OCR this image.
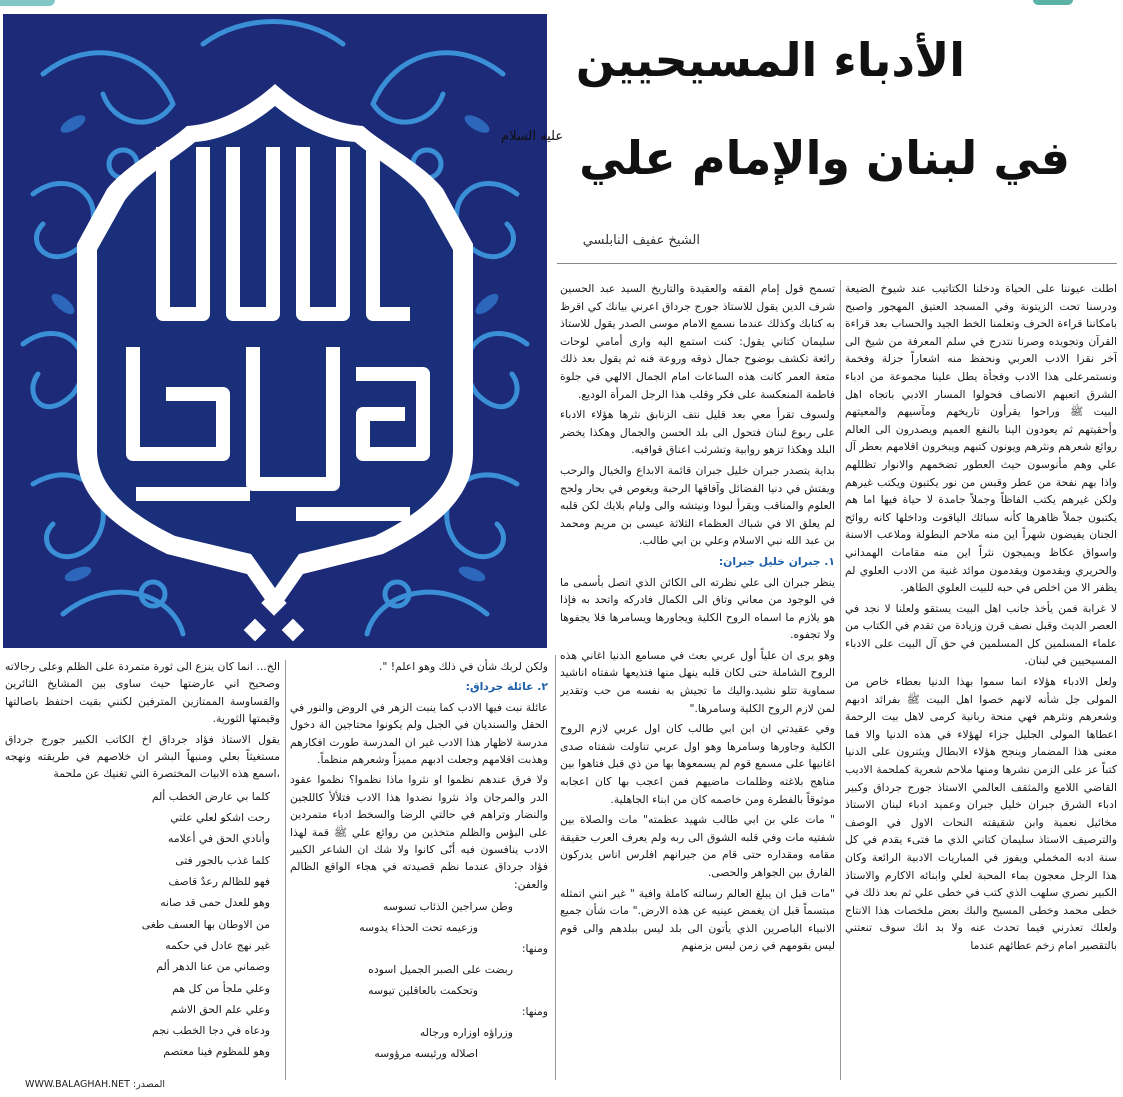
علويه	الأدباء المسيحيين
في لبنان والإمام علي عليه السلام
الشيخ عفيف النابلسي

اطلت عيوننا على الحياة ودخلنا الكتاتيب عند شيوخ الضيعة ودرسنا تحت الزيتونة وفي المسجد العتيق المهجور واصبح بامكاننا قراءة الحرف وتعلمنا الخط الجيد والحساب بعد قراءة القرآن وتجويده وصرنا نتدرج في سلم المعرفة من شيخ الى آخر نقرا الادب العربي ونحفظ منه اشعاراً جزلة وفخمة ونستمرعلى هذا الادب وفجأة يطل علينا مجموعة من ادباء الشرق اتعبهم الانصاف فحولوا المسار الادبي باتجاه اهل البيت ﷺ وراحوا يقرأون تاريخهم ومآسيهم والمعيتهم وأحقيتهم ثم يعودون الينا بالنفع العميم ويصدرون الى العالم روائع شعرهم ونثرهم ويونون كتبهم ويبخرون اقلامهم بعطر آل علي وهم مأنوسون حيث العطور تضخمهم والانوار تظللهم واذا بهم نفحة من عطر وقبس من نور يكتبون ويكتب غيرهم ولكن غيرهم يكتب الفاظاً وجملاً جامدة لا حياة فيها اما هم يكتبون جملاً ظاهرها كأنه سبائك الياقوت وداخلها كانه روائح الجنان يفيضون شهراً اين منه ملاحم البطولة وملاعب الاسنة واسواق عكاظ ويميجون نثراً اين منه مقامات الهمداني والحريري ويقدمون ويقدمون موائد غنية من الادب العلوي لم يظفر الا من اخلص في حبه للبيت العلوي الطاهر.

لا غرابة فمن يأخذ جانب اهل البيت يستقو ولعلنا لا نجد في العصر الديث وقبل نصف قرن وزيادة من تقدم في الكتاب من علماء المسلمين كل المسلمين في حق آل البيت على الادباء المسيحيين في لبنان.

ولعل الادباء هؤلاء انما سموا بهذا الدنيا بعطاء خاص من المولى جل شأنه لانهم خصوا اهل البيت ﷺ بفرائد ادبهم وشعرهم ونثرهم فهي منحة ربانية كرمى لاهل بيت الرحمة اعطاها المولى الجليل جزاء لهؤلاء في هذه الدنيا والا فما معنى هذا المضمار وينجح هؤلاء الابطال ويثنرون على الدنيا كتباً عز على الزمن نشرها ومنها ملاحم شعرية كملحمة الاديب القاضي اللامع والمثقف العالمي الاستاذ جورج جرداق وكبير ادباء الشرق جبران خليل جبران وعميد ادباء لبنان الاستاذ مخائيل نعمية وابن شقيقته النحات الاول في الوصف والترصيف الاستاذ سليمان كتاني الذي ما فتىء يقدم في كل سنة ادبه المخملي ويفوز في المباريات الادبية الرائعة وكان هذا الرجل معجون بماء المحبة لعلي وابنائه الاكارم والاستاذ الكبير نصري سلهب الذي كتب في خطى علي ثم بعد ذلك في خطى محمد وخطى المسيح والبك بعض ملخصات هذا الانتاج ولعلك تعذرني فيما تحدث عنه ولا بد انك سوف تنعتني بالتقصير امام زخم عطائهم عندما

تسمح قول إمام الفقه والعقيدة والتاريخ السيد عبد الحسين شرف الدين يقول للاستاذ جورج جرداق اعرني بيانك كي اقرظ به كتابك وكذلك عندما نسمع الامام موسى الصدر يقول للاستاذ سليمان كتاني يقول: كنت استمع اليه وارى أمامي لوحات رائعة تكشف بوضوح جمال ذوقه وروعة فنه ثم يقول بعد ذلك متعة العمر كانت هذه الساعات امام الجمال الالهي في جلوة فاطمة المنعكسة على فكر وقلب هذا الرجل المرأة الوديع.

ولسوف تقرأ معي بعد قليل نتف الزنابق نثرها هؤلاء الادباء على ربوع لبنان فتحول الى بلد الحسن والجمال وهكذا يخضر البلد وهكذا تزهو روابية وتشرئب اعناق قوافيه.

بداية يتصدر جبران خليل جبران قائمة الابداع والخيال والرحب ويفتش في دنيا الفضائل وآفاقها الرحبة ويغوص في بحار ولجج العلوم والمناقب ويقرأ لبوذا ونيتشه والى وليام بلايك لكن قلبه لم يعلق الا في شباك العظماء الثلاثة عيسى بن مريم ومحمد بن عبد الله نبي الاسلام وعلي بن ابي طالب.

١. جبران خليل جبران:

ينظر جبران الى علي نظرته الى الكائن الذي اتصل بأسمى ما في الوجود من معاني وتاق الى الكمال فادركه واتحد به فإذا هو يلازم ما اسماه الروح الكلية ويجاورها ويسامرها فلا يجفوها ولا تجفوه.

وهو يرى ان علياً أول عربي بعث في مسامع الدنيا اغاني هذه الروح الشاملة حتى لكان قلبه ينهل منها فتذيعها شفتاه اناشيد سماوية تتلو نشيد.واليك ما تجيش به نفسه من حب وتقدير لمن لازم الروح الكلية وسامرها."

وفي عقيدتي ان ابن ابي طالب كان اول عربي لازم الروح الكلية وجاورها وسامرها وهو اول عربي تناولت شفتاه صدى اغانيها على مسمع قوم لم يسمعوها بها من ذي قبل فتاهوا بين مناهج بلاغته وظلمات ماضيهم فمن اعجب بها كان اعجابه موثوقاً بالفطرة ومن خاصمه كان من ابناء الجاهلية.

" مات علي بن ابي طالب شهيد عظمته" مات والصلاة بين شفتيه مات وفي قلبه الشوق الى ربه ولم يعرف العرب حقيقة مقامه ومقداره حتى قام من جيرانهم افلرس اناس يدركون الفارق بين الجواهر والحصى.

"مات قبل ان يبلغ العالم رسالته كاملة وافية " غير انني اتمثله مبتسماً قبل ان يغمض عينيه عن هذه الارض." مات شأن جميع الانبياء الباصرين الذي يأتون الى بلد ليس ببلدهم والى قوم ليس بقومهم في زمن ليس بزمنهم

ولكن لربك شأن في ذلك وهو اعلم! ".

٢. عائلة جرداق:

عائلة نبت فيها الادب كما ينبت الزهر في الروض والنور في الحقل والسنديان في الجبل ولم يكونوا محتاجين الة دخول مدرسة لاظهار هذا الادب غير ان المدرسة طورت افكارهم وهذبت اقلامهم وجعلت ادبهم مميزاً وشعرهم منظماً.

ولا فرق عندهم نظموا او نثروا ماذا نظموا؟ نظموا عقود الدر والمرجان واذ نثروا نضدوا هذا الادب فتلألأ كاللجين والنضار وتراهم في حالتي الرضا والسخط ادباء متمردين على البؤس والظلم متخذين من روائع علي ﷺ قمة لهذا الادب ينافسون فيه أنّى كانوا ولا شك ان الشاعر الكبير فؤاد جرداق عندما نظم قصيدته في هجاء الواقع الظالم والعفن:

وطن سراجين الذئاب تسوسه
وزعيمه تحت الحذاء يدوسه
ومنها:
ربضت على الصبر الجميل اسوده
وتحكمت بالعاقلين تيوسه
ومنها:
وزراؤه اوزاره ورجاله
اصلاله ورئيسه مرؤوسه

الخ... انما كان ينزع الى ثورة متمردة على الظلم وعلى رجالاته وصحيح اني عارضتها حيث ساوى بين المشايخ الثائرين والقساوسة الممتازين المترفين لكنني بقيت احتفظ باصالتها وقيمتها الثورية.

يقول الاستاذ فؤاد جرداق اخ الكاتب الكبير جورج جرداق مستغيثاً بعلي ومنبهاً البشر ان خلاصهم في طريقته ونهجه ،اسمع هذه الابيات المختصرة التي تغنيك عن ملحمة

كلما بي عارض الخطب ألم
رحت اشكو لعلي علتي
وأنادي الحق في أعلامه
كلما غذب بالجور فتى
فهو للظالم رعدٌ قاصف
وهو للعدل حمى قد صانه
من الاوطان بها العسف طغى
غير نهج عادل في حكمه
وصماني من عنا الدهر ألم
وعلي ملجأ من كل هم
وعلي علم الحق الاشم
ودعاه في دجا الخطب نجم
وهو للمظوم فينا معتصم
المصدر: WWW.BALAGHAH.NET
